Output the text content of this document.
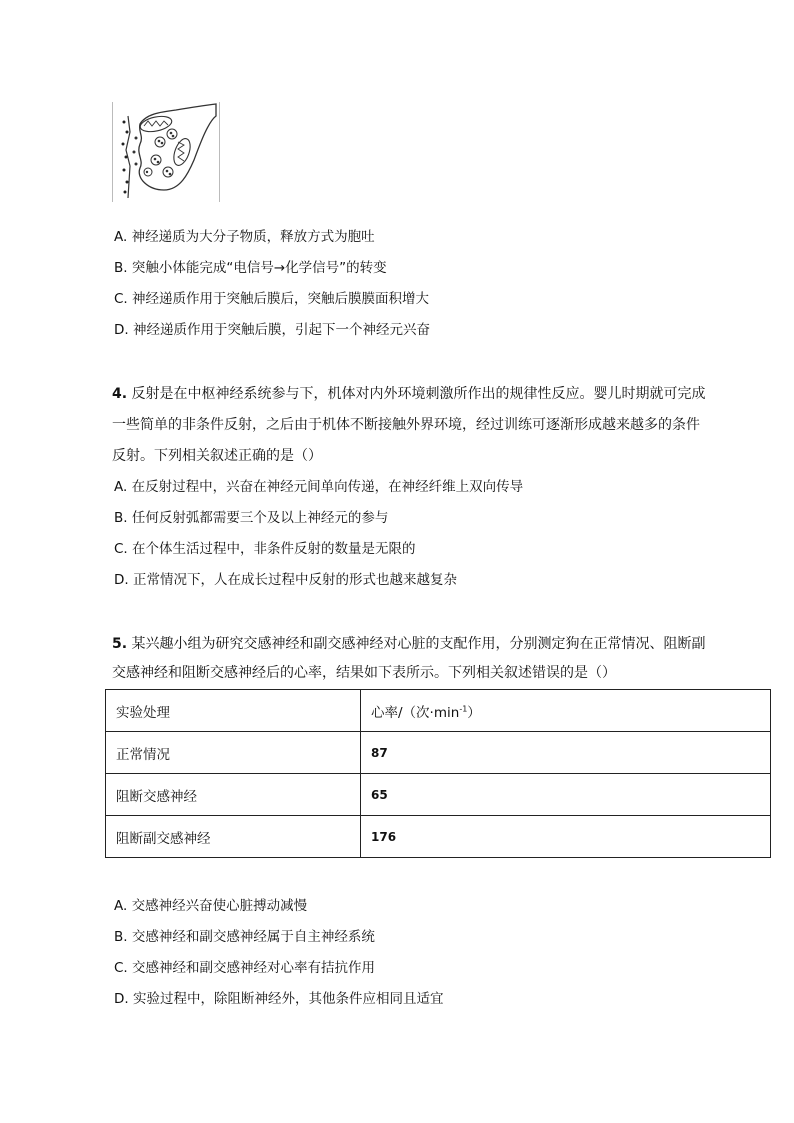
A. 神经递质为大分子物质，释放方式为胞吐
B. 突触小体能完成“电信号→化学信号”的转变
C. 神经递质作用于突触后膜后，突触后膜膜面积增大
D. 神经递质作用于突触后膜，引起下一个神经元兴奋
4. 反射是在中枢神经系统参与下，机体对内外环境刺激所作出的规律性反应。婴儿时期就可完成
一些简单的非条件反射，之后由于机体不断接触外界环境，经过训练可逐渐形成越来越多的条件
反射。下列相关叙述正确的是（）
A. 在反射过程中，兴奋在神经元间单向传递，在神经纤维上双向传导
B. 任何反射弧都需要三个及以上神经元的参与
C. 在个体生活过程中，非条件反射的数量是无限的
D. 正常情况下，人在成长过程中反射的形式也越来越复杂
5. 某兴趣小组为研究交感神经和副交感神经对心脏的支配作用，分别测定狗在正常情况、阻断副
交感神经和阻断交感神经后的心率，结果如下表所示。下列相关叙述错误的是（）
实验处理	心率/（次$\cdot\min^{-1}$）
正常情况	87
阻断交感神经	65
阻断副交感神经	176
A. 交感神经兴奋使心脏搏动减慢
B. 交感神经和副交感神经属于自主神经系统
C. 交感神经和副交感神经对心率有拮抗作用
D. 实验过程中，除阻断神经外，其他条件应相同且适宜
